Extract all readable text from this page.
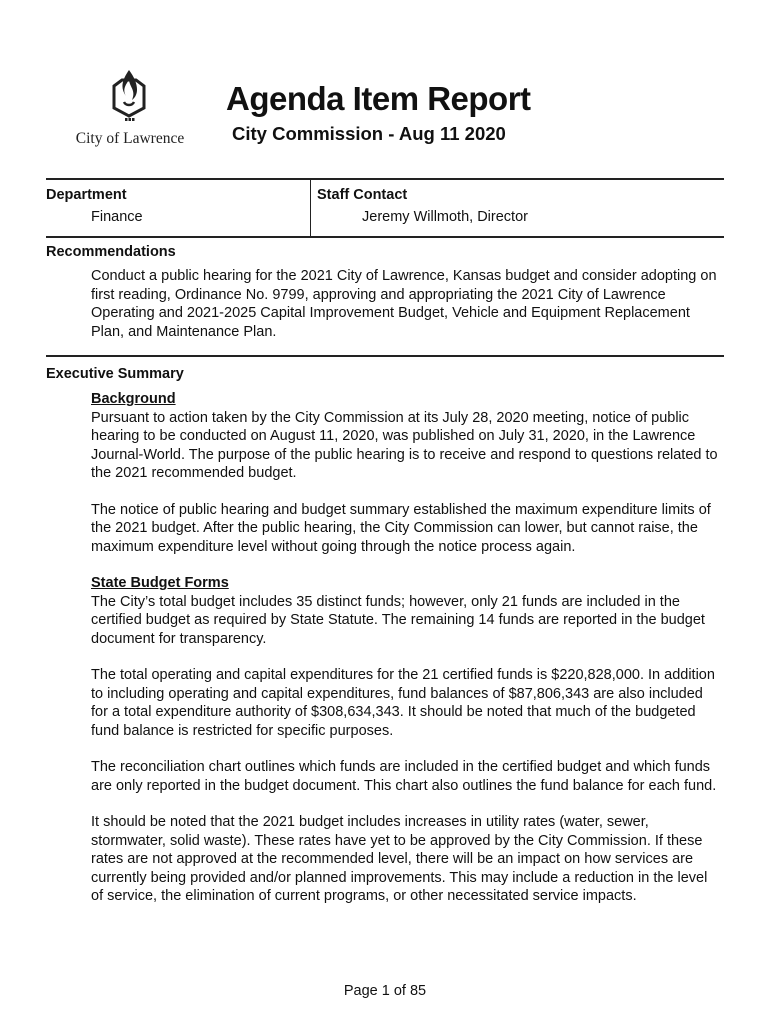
City of Lawrence
Agenda Item Report
City Commission - Aug 11 2020
Department
Finance
Staff Contact
Jeremy Willmoth, Director
Recommendations

Conduct a public hearing for the 2021 City of Lawrence, Kansas budget and consider adopting on first reading, Ordinance No. 9799, approving and appropriating the 2021 City of Lawrence Operating and 2021-2025 Capital Improvement Budget, Vehicle and Equipment Replacement Plan, and Maintenance Plan.

Executive Summary

Background

Pursuant to action taken by the City Commission at its July 28, 2020 meeting, notice of public hearing to be conducted on August 11, 2020, was published on July 31, 2020, in the Lawrence Journal-World. The purpose of the public hearing is to receive and respond to questions related to the 2021 recommended budget.

The notice of public hearing and budget summary established the maximum expenditure limits of the 2021 budget. After the public hearing, the City Commission can lower, but cannot raise, the maximum expenditure level without going through the notice process again.

State Budget Forms

The City’s total budget includes 35 distinct funds; however, only 21 funds are included in the certified budget as required by State Statute. The remaining 14 funds are reported in the budget document for transparency.

The total operating and capital expenditures for the 21 certified funds is $220,828,000. In addition to including operating and capital expenditures, fund balances of $87,806,343 are also included for a total expenditure authority of $308,634,343. It should be noted that much of the budgeted fund balance is restricted for specific purposes.

The reconciliation chart outlines which funds are included in the certified budget and which funds are only reported in the budget document. This chart also outlines the fund balance for each fund.

It should be noted that the 2021 budget includes increases in utility rates (water, sewer, stormwater, solid waste). These rates have yet to be approved by the City Commission. If these rates are not approved at the recommended level, there will be an impact on how services are currently being provided and/or planned improvements. This may include a reduction in the level of service, the elimination of current programs, or other necessitated service impacts.

Page 1 of 85
